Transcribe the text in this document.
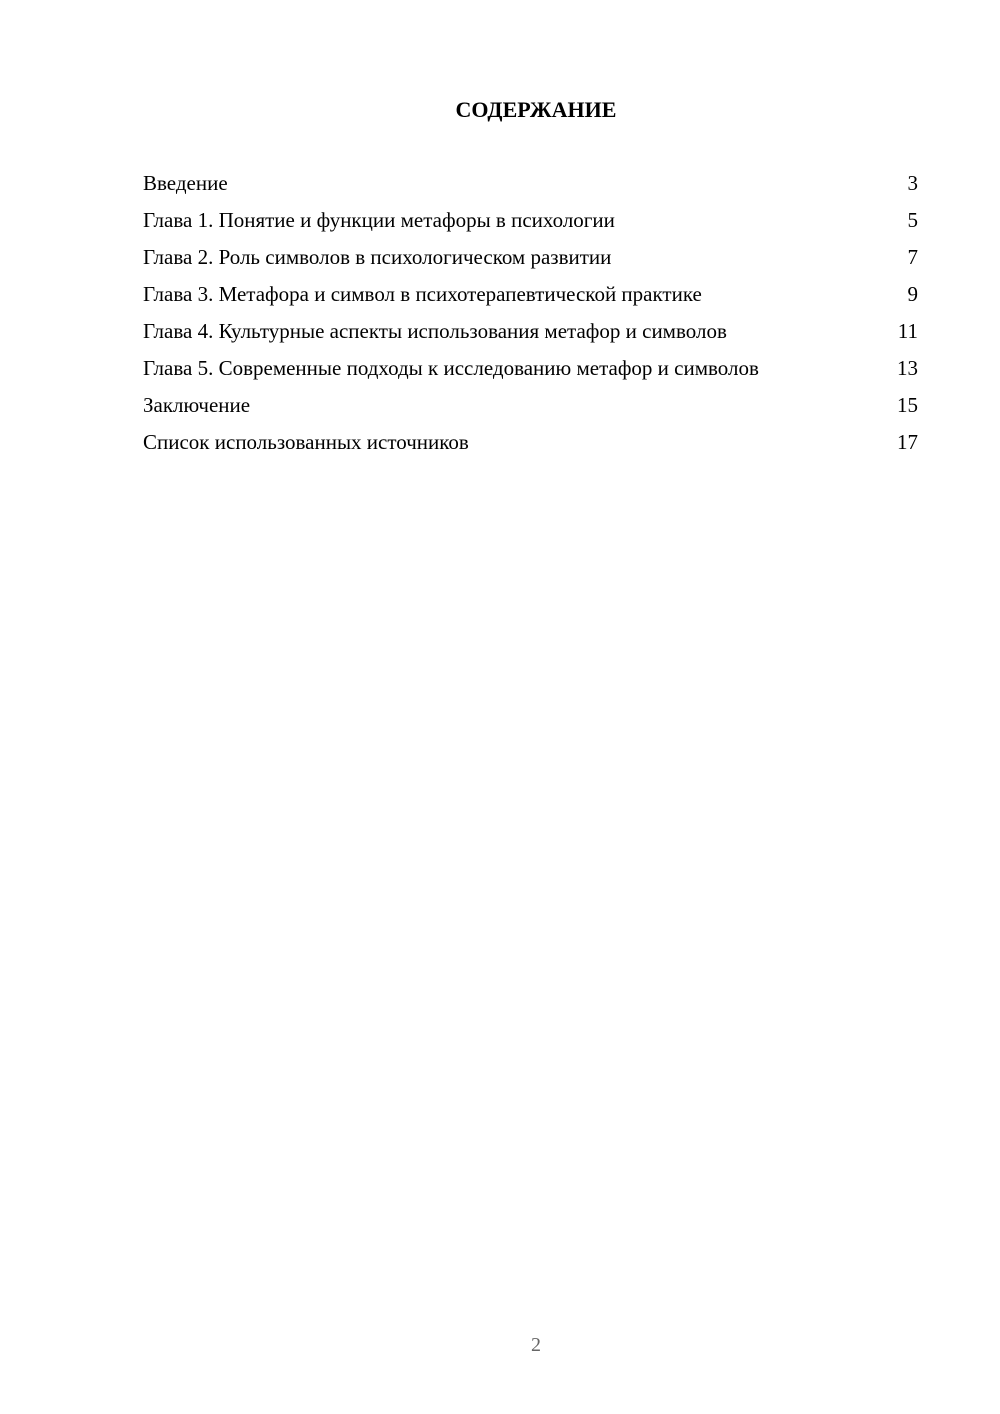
СОДЕРЖАНИЕ
Введение	3
Глава 1. Понятие и функции метафоры в психологии	5
Глава 2. Роль символов в психологическом развитии	7
Глава 3. Метафора и символ в психотерапевтической практике	9
Глава 4. Культурные аспекты использования метафор и символов	11
Глава 5. Современные подходы к исследованию метафор и символов	13
Заключение	15
Список использованных источников	17
2
